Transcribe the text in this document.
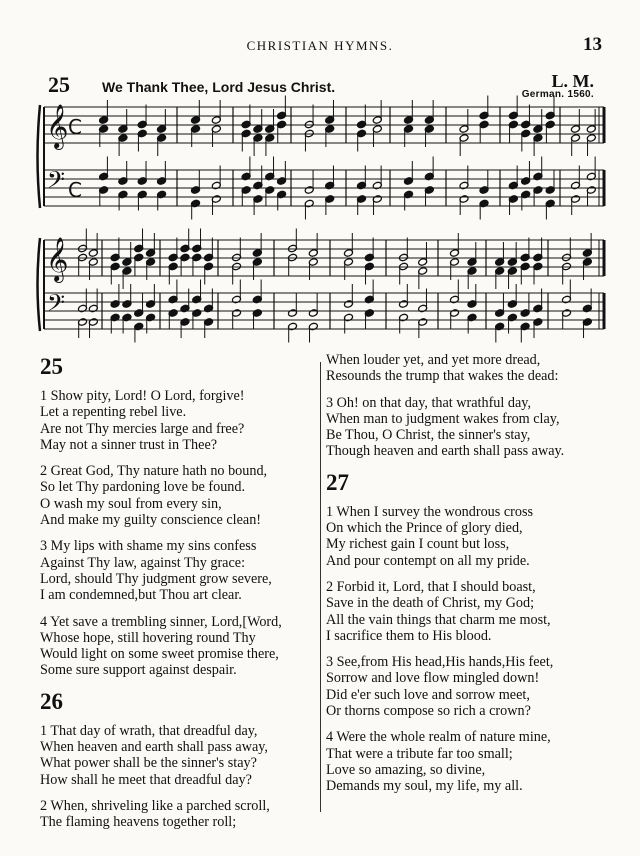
CHRISTIAN HYMNS.	13
25 We Thank Thee, Lord Jesus Christ.	L. M.
German. 1560.
𝄞
𝄢
C
C
𝄞
𝄢
25
1 Show pity, Lord! O Lord, forgive!
Let a repenting rebel live.
Are not Thy mercies large and free?
May not a sinner trust in Thee?
2 Great God, Thy nature hath no bound,
So let Thy pardoning love be found.
O wash my soul from every sin,
And make my guilty conscience clean!
3 My lips with shame my sins confess
Against Thy law, against Thy grace:
Lord, should Thy judgment grow severe,
I am condemned,but Thou art clear.
4 Yet save a trembling sinner, Lord,[Word,
Whose hope, still hovering round Thy
Would light on some sweet promise there,
Some sure support against despair.
26
1 That day of wrath, that dreadful day,
When heaven and earth shall pass away,
What power shall be the sinner's stay?
How shall he meet that dreadful day?
2 When, shriveling like a parched scroll,
The flaming heavens together roll;
When louder yet, and yet more dread,
Resounds the trump that wakes the dead:
3 Oh! on that day, that wrathful day,
When man to judgment wakes from clay,
Be Thou, O Christ, the sinner's stay,
Though heaven and earth shall pass away.
27
1 When I survey the wondrous cross
On which the Prince of glory died,
My richest gain I count but loss,
And pour contempt on all my pride.
2 Forbid it, Lord, that I should boast,
Save in the death of Christ, my God;
All the vain things that charm me most,
I sacrifice them to His blood.
3 See,from His head,His hands,His feet,
Sorrow and love flow mingled down!
Did e'er such love and sorrow meet,
Or thorns compose so rich a crown?
4 Were the whole realm of nature mine,
That were a tribute far too small;
Love so amazing, so divine,
Demands my soul, my life, my all.
